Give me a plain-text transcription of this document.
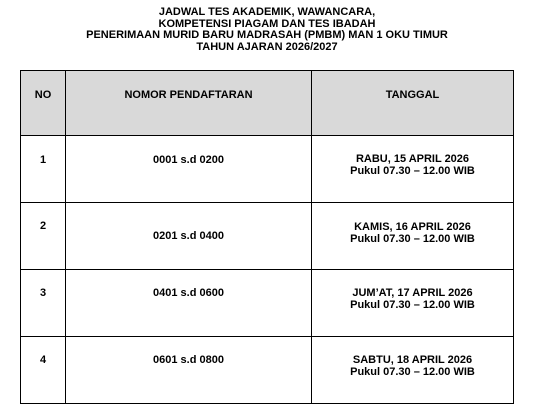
JADWAL TES AKADEMIK, WAWANCARA,
KOMPETENSI PIAGAM DAN TES IBADAH
PENERIMAAN MURID BARU MADRASAH (PMBM) MAN 1 OKU TIMUR
TAHUN AJARAN 2026/2027
NO	NOMOR PENDAFTARAN	TANGGAL

1	0001 s.d 0200	RABU, 15 APRIL 2026
Pukul 07.30 – 12.00 WIB

2	0201 s.d 0400	KAMIS, 16 APRIL 2026
Pukul 07.30 – 12.00 WIB

3	0401 s.d 0600	JUM’AT, 17 APRIL 2026
Pukul 07.30 – 12.00 WIB

4	0601 s.d 0800	SABTU, 18 APRIL 2026
Pukul 07.30 – 12.00 WIB
